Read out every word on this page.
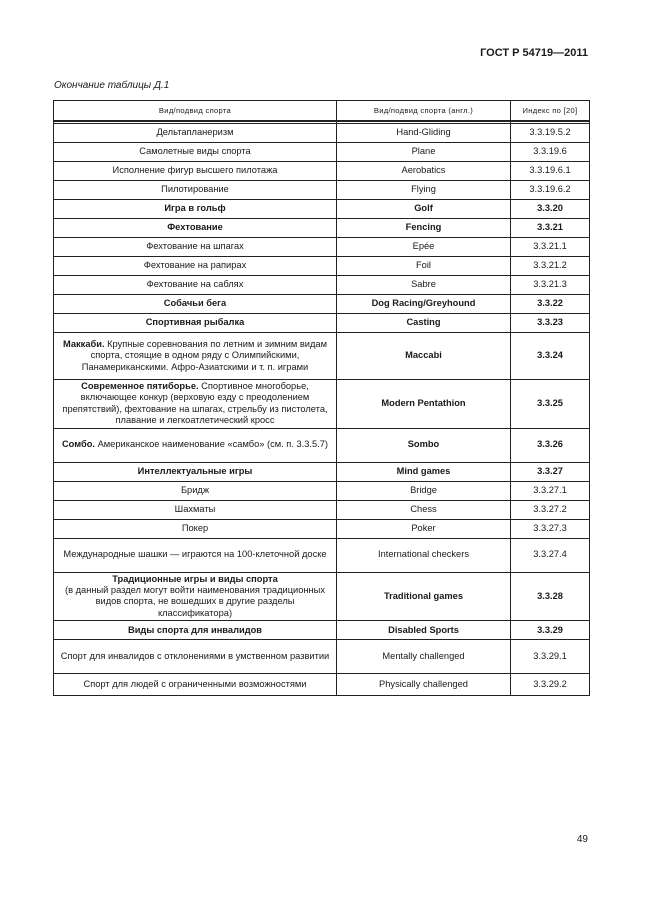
ГОСТ Р 54719—2011
Окончание таблицы Д.1
Вид/подвид спорта	Вид/подвид спорта (англ.)	Индекс по [20]

Дельтапланеризм	Hand-Gliding	3.3.19.5.2
Самолетные виды спорта	Plane	3.3.19.6
Исполнение фигур высшего пилотажа	Aerobatics	3.3.19.6.1
Пилотирование	Flying	3.3.19.6.2
Игра в гольф	Golf	3.3.20
Фехтование	Fencing	3.3.21
Фехтование на шпагах	Epée	3.3.21.1
Фехтование на рапирах	Foil	3.3.21.2
Фехтование на саблях	Sabre	3.3.21.3
Собачьи бега	Dog Racing/Greyhound	3.3.22
Спортивная рыбалка	Casting	3.3.23
Маккаби. Крупные соревнования по летним и зимним видам спорта, стоящие в одном ряду с Олимпийскими, Панамериканскими. Афро-Азиатскими и т. п. играми	Maccabi	3.3.24
Современное пятиборье. Спортивное многоборье, включающее конкур (верховую езду с преодолением препятствий), фехтование на шпагах, стрельбу из пистолета, плавание и легкоатлетический кросс	Modern Pentathion	3.3.25
Сомбо. Американское наименование «самбо» (см. п. 3.3.5.7)	Sombo	3.3.26
Интеллектуальные игры	Mind games	3.3.27
Бридж	Bridge	3.3.27.1
Шахматы	Chess	3.3.27.2
Покер	Poker	3.3.27.3
Международные шашки — играются на 100-клеточной доске	International checkers	3.3.27.4
Традиционные игры и виды спорта
(в данный раздел могут войти наименования традиционных видов спорта, не вошедших в другие разделы классификатора)	Traditional games	3.3.28
Виды спорта для инвалидов	Disabled Sports	3.3.29
Спорт для инвалидов с отклонениями в умственном развитии	Mentally challenged	3.3.29.1
Спорт для людей с ограниченными возможностями	Physically challenged	3.3.29.2
49
